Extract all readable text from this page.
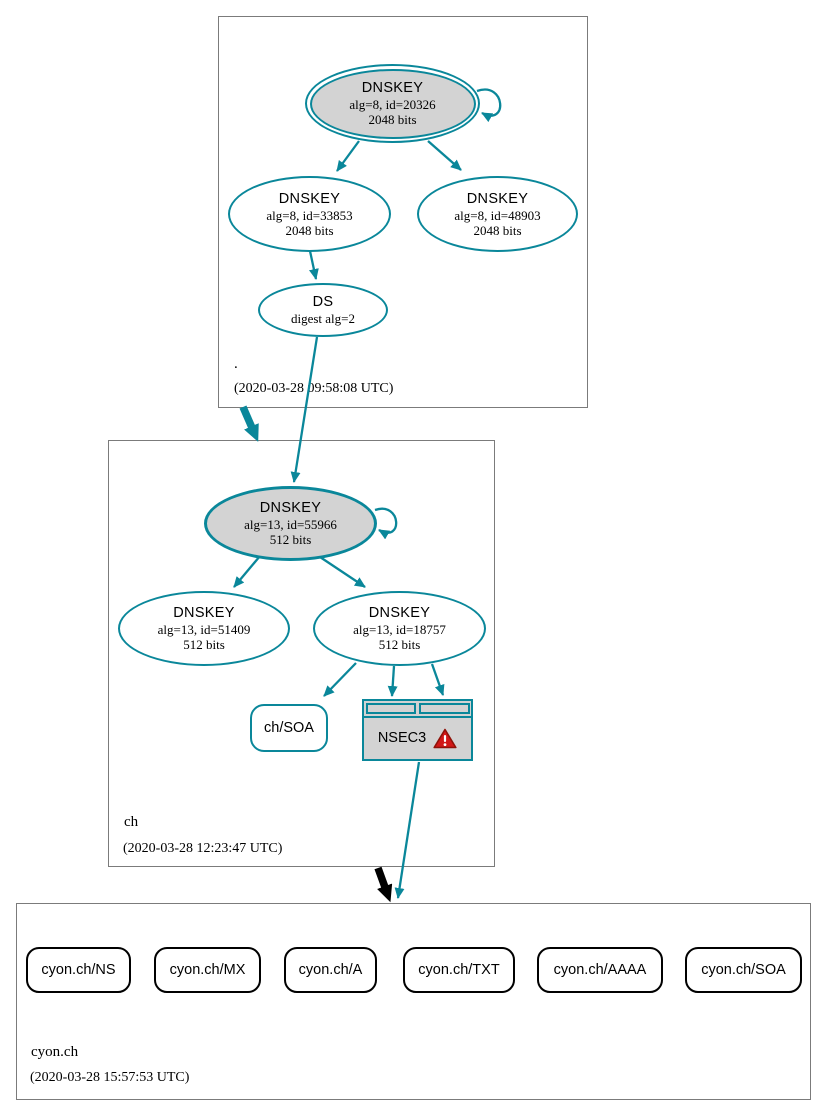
.
(2020-03-28 09:58:08 UTC)
ch
(2020-03-28 12:23:47 UTC)
cyon.ch
(2020-03-28 15:57:53 UTC)
DNSKEY
alg=8, id=20326
2048 bits
DNSKEY
alg=8, id=33853
2048 bits
DNSKEY
alg=8, id=48903
2048 bits
DS
digest alg=2
DNSKEY
alg=13, id=55966
512 bits
DNSKEY
alg=13, id=51409
512 bits
DNSKEY
alg=13, id=18757
512 bits
ch/SOA
NSEC3
cyon.ch/NS	cyon.ch/MX	cyon.ch/A	cyon.ch/TXT	cyon.ch/AAAA	cyon.ch/SOA
